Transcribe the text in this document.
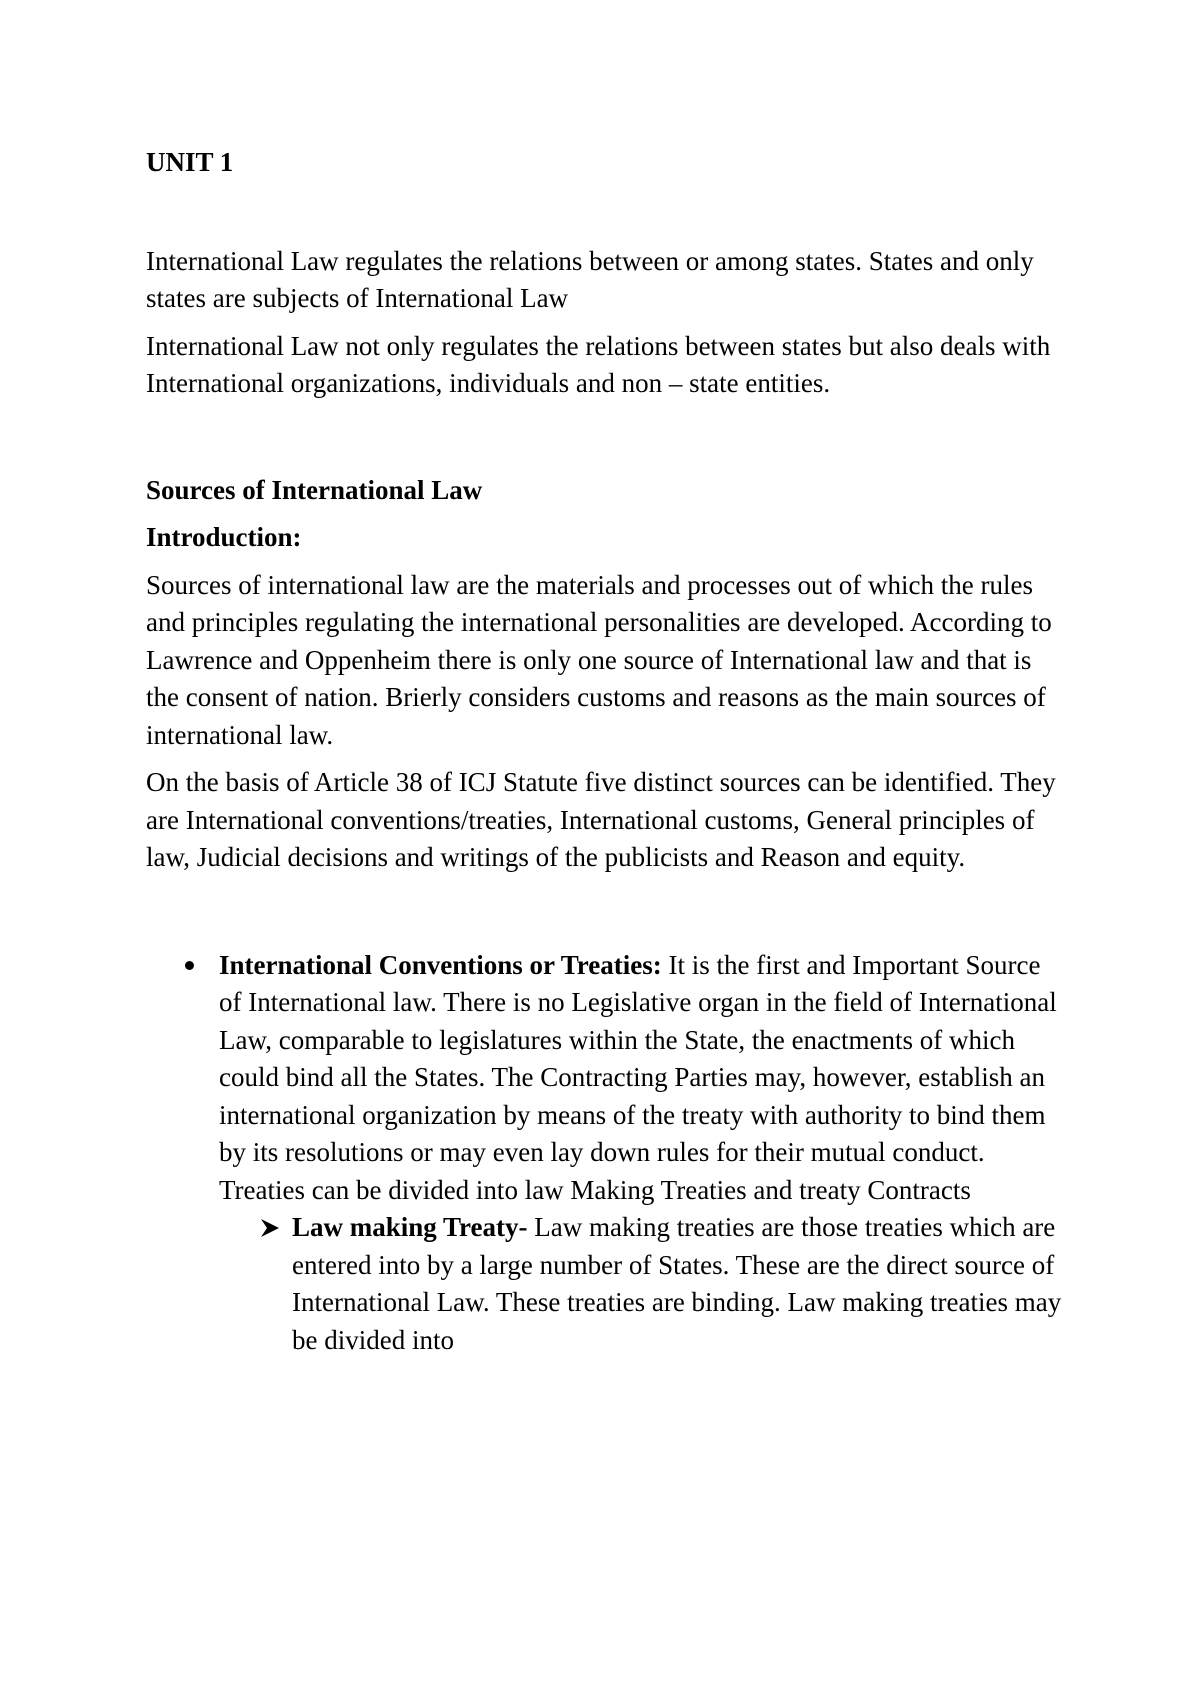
UNIT 1

International Law regulates the relations between or among states. States and only states are subjects of International Law

International Law not only regulates the relations between states but also deals with International organizations, individuals and non – state entities.

Sources of International Law

Introduction:

Sources of international law are the materials and processes out of which the rules and principles regulating the international personalities are developed. According to Lawrence and Oppenheim there is only one source of International law and that is the consent of nation. Brierly considers customs and reasons as the main sources of international law.

On the basis of Article 38 of ICJ Statute five distinct sources can be identified. They are International conventions/treaties, International customs, General principles of law, Judicial decisions and writings of the publicists and Reason and equity.

International Conventions or Treaties: It is the first and Important Source of International law. There is no Legislative organ in the field of International Law, comparable to legislatures within the State, the enactments of which could bind all the States. The Contracting Parties may, however, establish an international organization by means of the treaty with authority to bind them by its resolutions or may even lay down rules for their mutual conduct. Treaties can be divided into law Making Treaties and treaty Contracts
Law making Treaty- Law making treaties are those treaties which are entered into by a large number of States. These are the direct source of International Law. These treaties are binding. Law making treaties may be divided into
